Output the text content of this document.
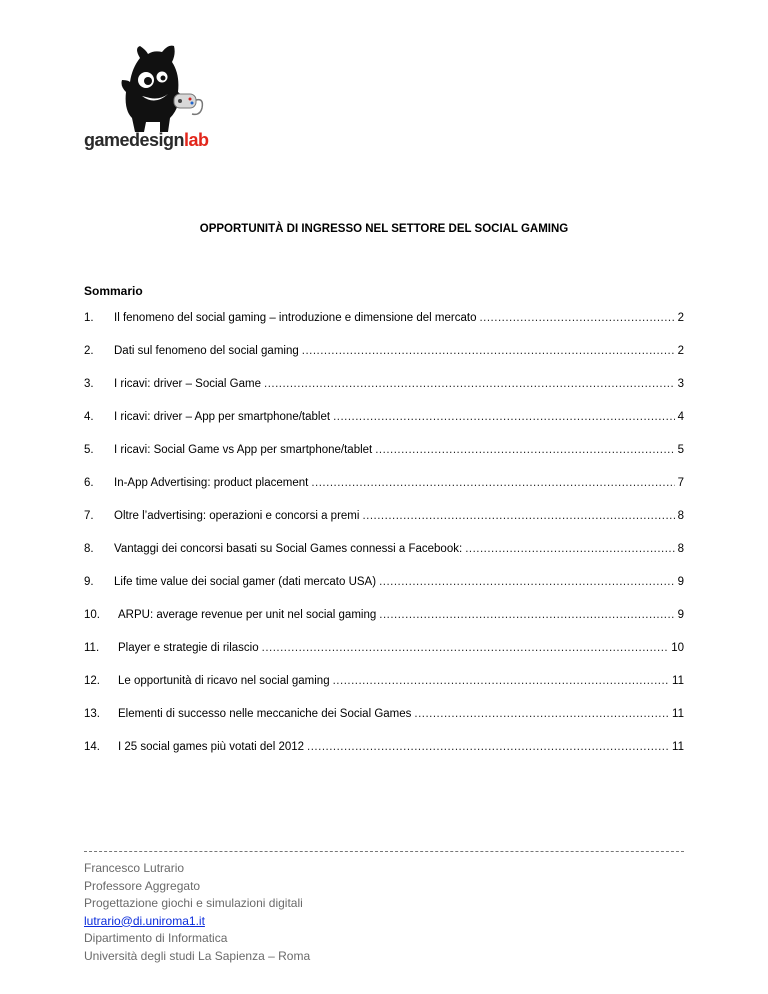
gamedesignlab
OPPORTUNITÀ DI INGRESSO NEL SETTORE DEL SOCIAL GAMING
Sommario
1.	Il fenomeno del social gaming – introduzione e dimensione del mercato .....	2
2.	Dati sul fenomeno del social gaming .....	2
3.	I ricavi: driver – Social Game .....	3
4.	I ricavi: driver – App per smartphone/tablet .....	4
5.	I ricavi: Social Game vs App per smartphone/tablet .....	5
6.	In-App Advertising: product placement .....	7
7.	Oltre l’advertising: operazioni e concorsi a premi .....	8
8.	Vantaggi dei concorsi basati su Social Games connessi a Facebook: .....	8
9.	Life time value dei social gamer (dati mercato USA) .....	9
10.	ARPU: average revenue per unit nel social gaming .....	9
11.	Player e strategie di rilascio .....	10
12.	Le opportunità di ricavo nel social gaming .....	11
13.	Elementi di successo nelle meccaniche dei Social Games .....	11
14.	I 25 social games più votati del 2012 .....	11
Francesco Lutrario
Professore Aggregato
Progettazione giochi e simulazioni digitali
lutrario@di.uniroma1.it
Dipartimento di Informatica
Università degli studi La Sapienza – Roma
